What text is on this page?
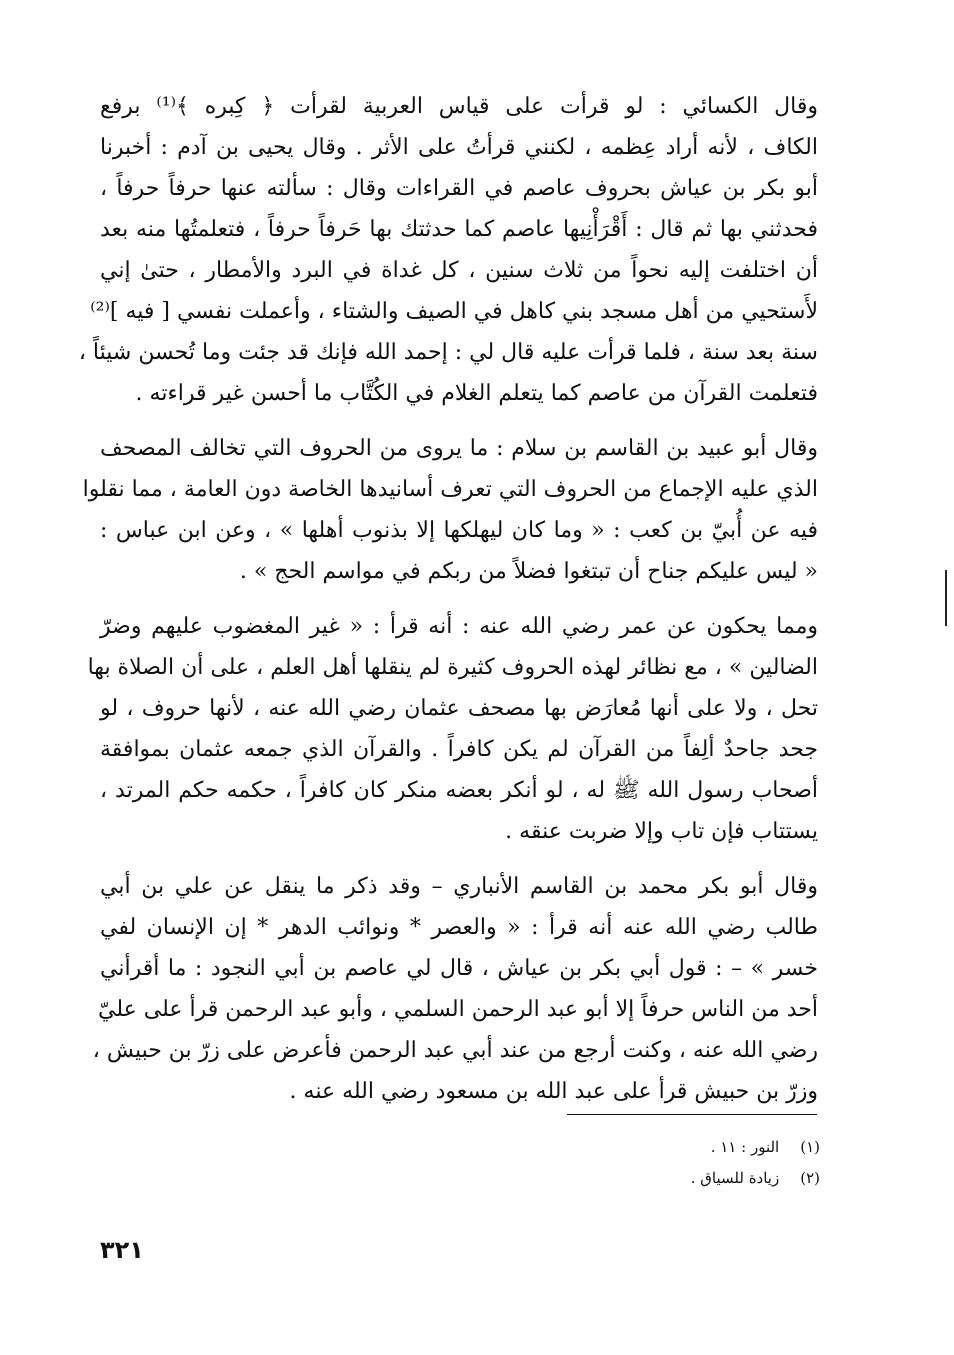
وقال الكسائي : لو قرأت على قياس العربية لقرأت ﴿ كِبره ﴾⁽¹⁾ برفع
الكاف ، لأنه أراد عِظمه ، لكنني قرأتُ على الأثر . وقال يحيى بن آدم : أخبرنا
أبو بكر بن عياش بحروف عاصم في القراءات وقال : سألته عنها حرفاً حرفاً ،
فحدثني بها ثم قال : أَقْرَأْنِيها عاصم كما حدثتك بها حَرفاً حرفاً ، فتعلمتُها منه بعد
أن اختلفت إليه نحواً من ثلاث سنين ، كل غداة في البرد والأمطار ، حتىٰ إني
لأَستحيي من أهل مسجد بني كاهل في الصيف والشتاء ، وأعملت نفسي [ فيه ]⁽²⁾
سنة بعد سنة ، فلما قرأت عليه قال لي : إحمد الله فإنك قد جئت وما تُحسن شيئاً ،
فتعلمت القرآن من عاصم كما يتعلم الغلام في الكُتَّاب ما أحسن غير قراءته .

وقال أبو عبيد بن القاسم بن سلام : ما يروى من الحروف التي تخالف المصحف
الذي عليه الإجماع من الحروف التي تعرف أسانيدها الخاصة دون العامة ، مما نقلوا
فيه عن أُبيّ بن كعب : « وما كان ليهلكها إلا بذنوب أهلها » ، وعن ابن عباس :
« ليس عليكم جناح أن تبتغوا فضلاً من ربكم في مواسم الحج » .

ومما يحكون عن عمر رضي الله عنه : أنه قرأ : « غير المغضوب عليهم وضرّ
الضالين » ، مع نظائر لهذه الحروف كثيرة لم ينقلها أهل العلم ، على أن الصلاة بها
تحل ، ولا على أنها مُعارَض بها مصحف عثمان رضي الله عنه ، لأنها حروف ، لو
جحد جاحدٌ ألِفاً من القرآن لم يكن كافراً . والقرآن الذي جمعه عثمان بموافقة
أصحاب رسول الله ﷺ له ، لو أنكر بعضه منكر كان كافراً ، حكمه حكم المرتد ،
يستتاب فإن تاب وإلا ضربت عنقه .

وقال أبو بكر محمد بن القاسم الأنباري – وقد ذكر ما ينقل عن علي بن أبي
طالب رضي الله عنه أنه قرأ : « والعصر * ونوائب الدهر * إن الإنسان لفي
خسر » – : قول أبي بكر بن عياش ، قال لي عاصم بن أبي النجود : ما أقرأني
أحد من الناس حرفاً إلا أبو عبد الرحمن السلمي ، وأبو عبد الرحمن قرأ على عليّ
رضي الله عنه ، وكنت أرجع من عند أبي عبد الرحمن فأعرض على زرّ بن حبيش ،
وزرّ بن حبيش قرأ على عبد الله بن مسعود رضي الله عنه .

(١) النور : ١١ .
(٢) زيادة للسياق .
٣٢١
